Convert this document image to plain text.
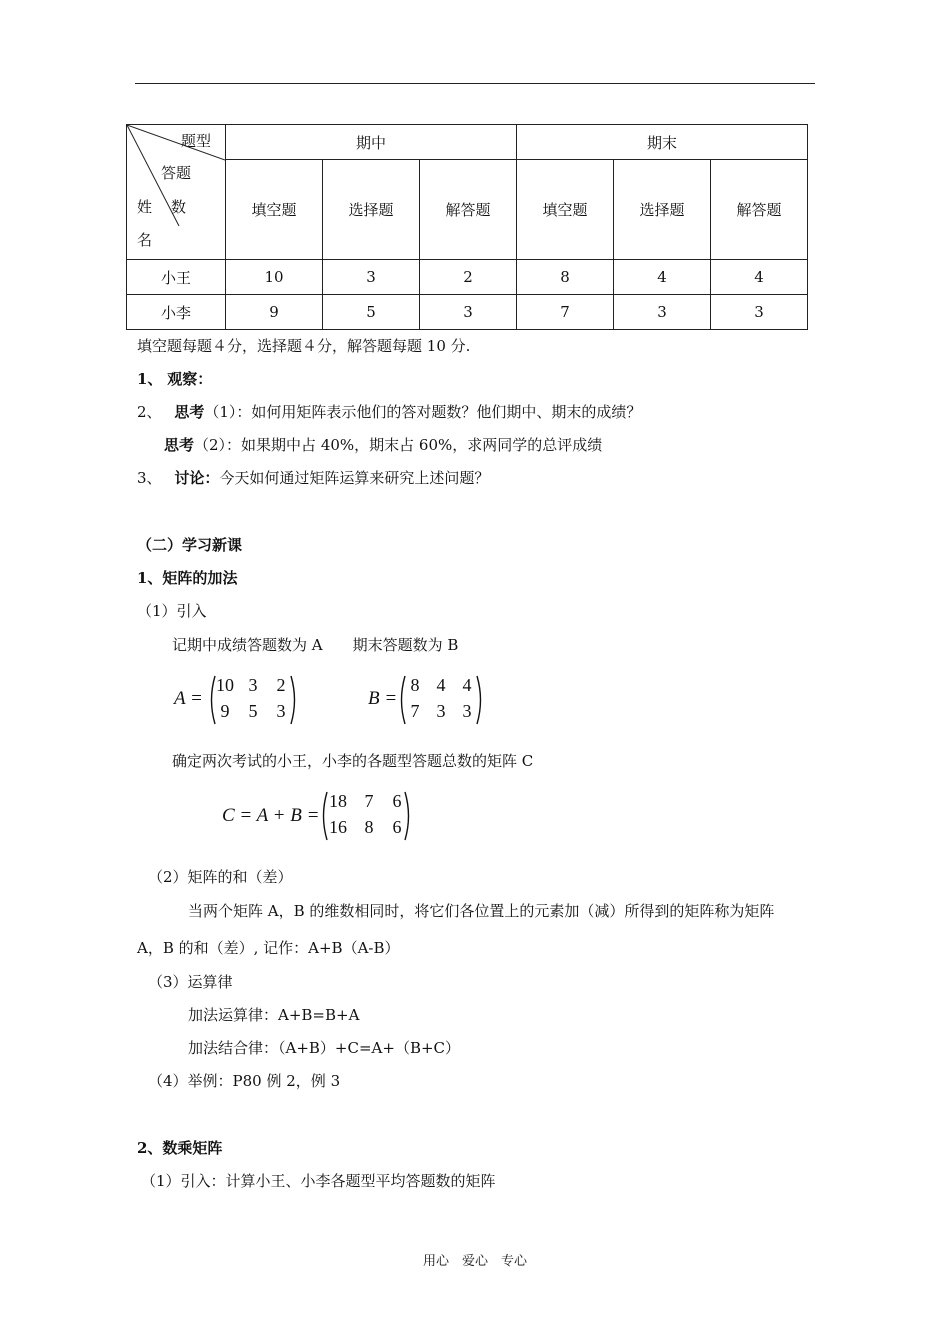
题型
答题
数
姓
名	期中			期末		
	填空题	选择题	解答题	填空题	选择题	解答题
小王	10	3	2	8	4	4
小李	9	5	3	7	3	3
填空题每题４分，选择题４分，解答题每题 10 分.
1、 观察：
2、 思考（1）：如何用矩阵表示他们的答对题数？他们期中、期末的成绩？
思考（2）：如果期中占 40%，期末占 60%，求两同学的总评成绩
3、 讨论：今天如何通过矩阵运算来研究上述问题？
（二）学习新课
1、矩阵的加法
（1）引入
记期中成绩答题数为 A　　期末答题数为 B
A =
10 3	2
9	5	3
B =
8 4 4
7 3 3
确定两次考试的小王，小李的各题型答题总数的矩阵 C
C = A + B =
18 7	6
16 8	6
（2）矩阵的和（差）
当两个矩阵 A，B 的维数相同时，将它们各位置上的元素加（减）所得到的矩阵称为矩阵
A，B 的和（差）, 记作：A+B（A-B）
（3）运算律
加法运算律：A+B=B+A
加法结合律：（A+B）+C=A+（B+C）
（4）举例：P80 例 2，例 3
2、数乘矩阵
（1）引入：计算小王、小李各题型平均答题数的矩阵
用心　爱心　专心
